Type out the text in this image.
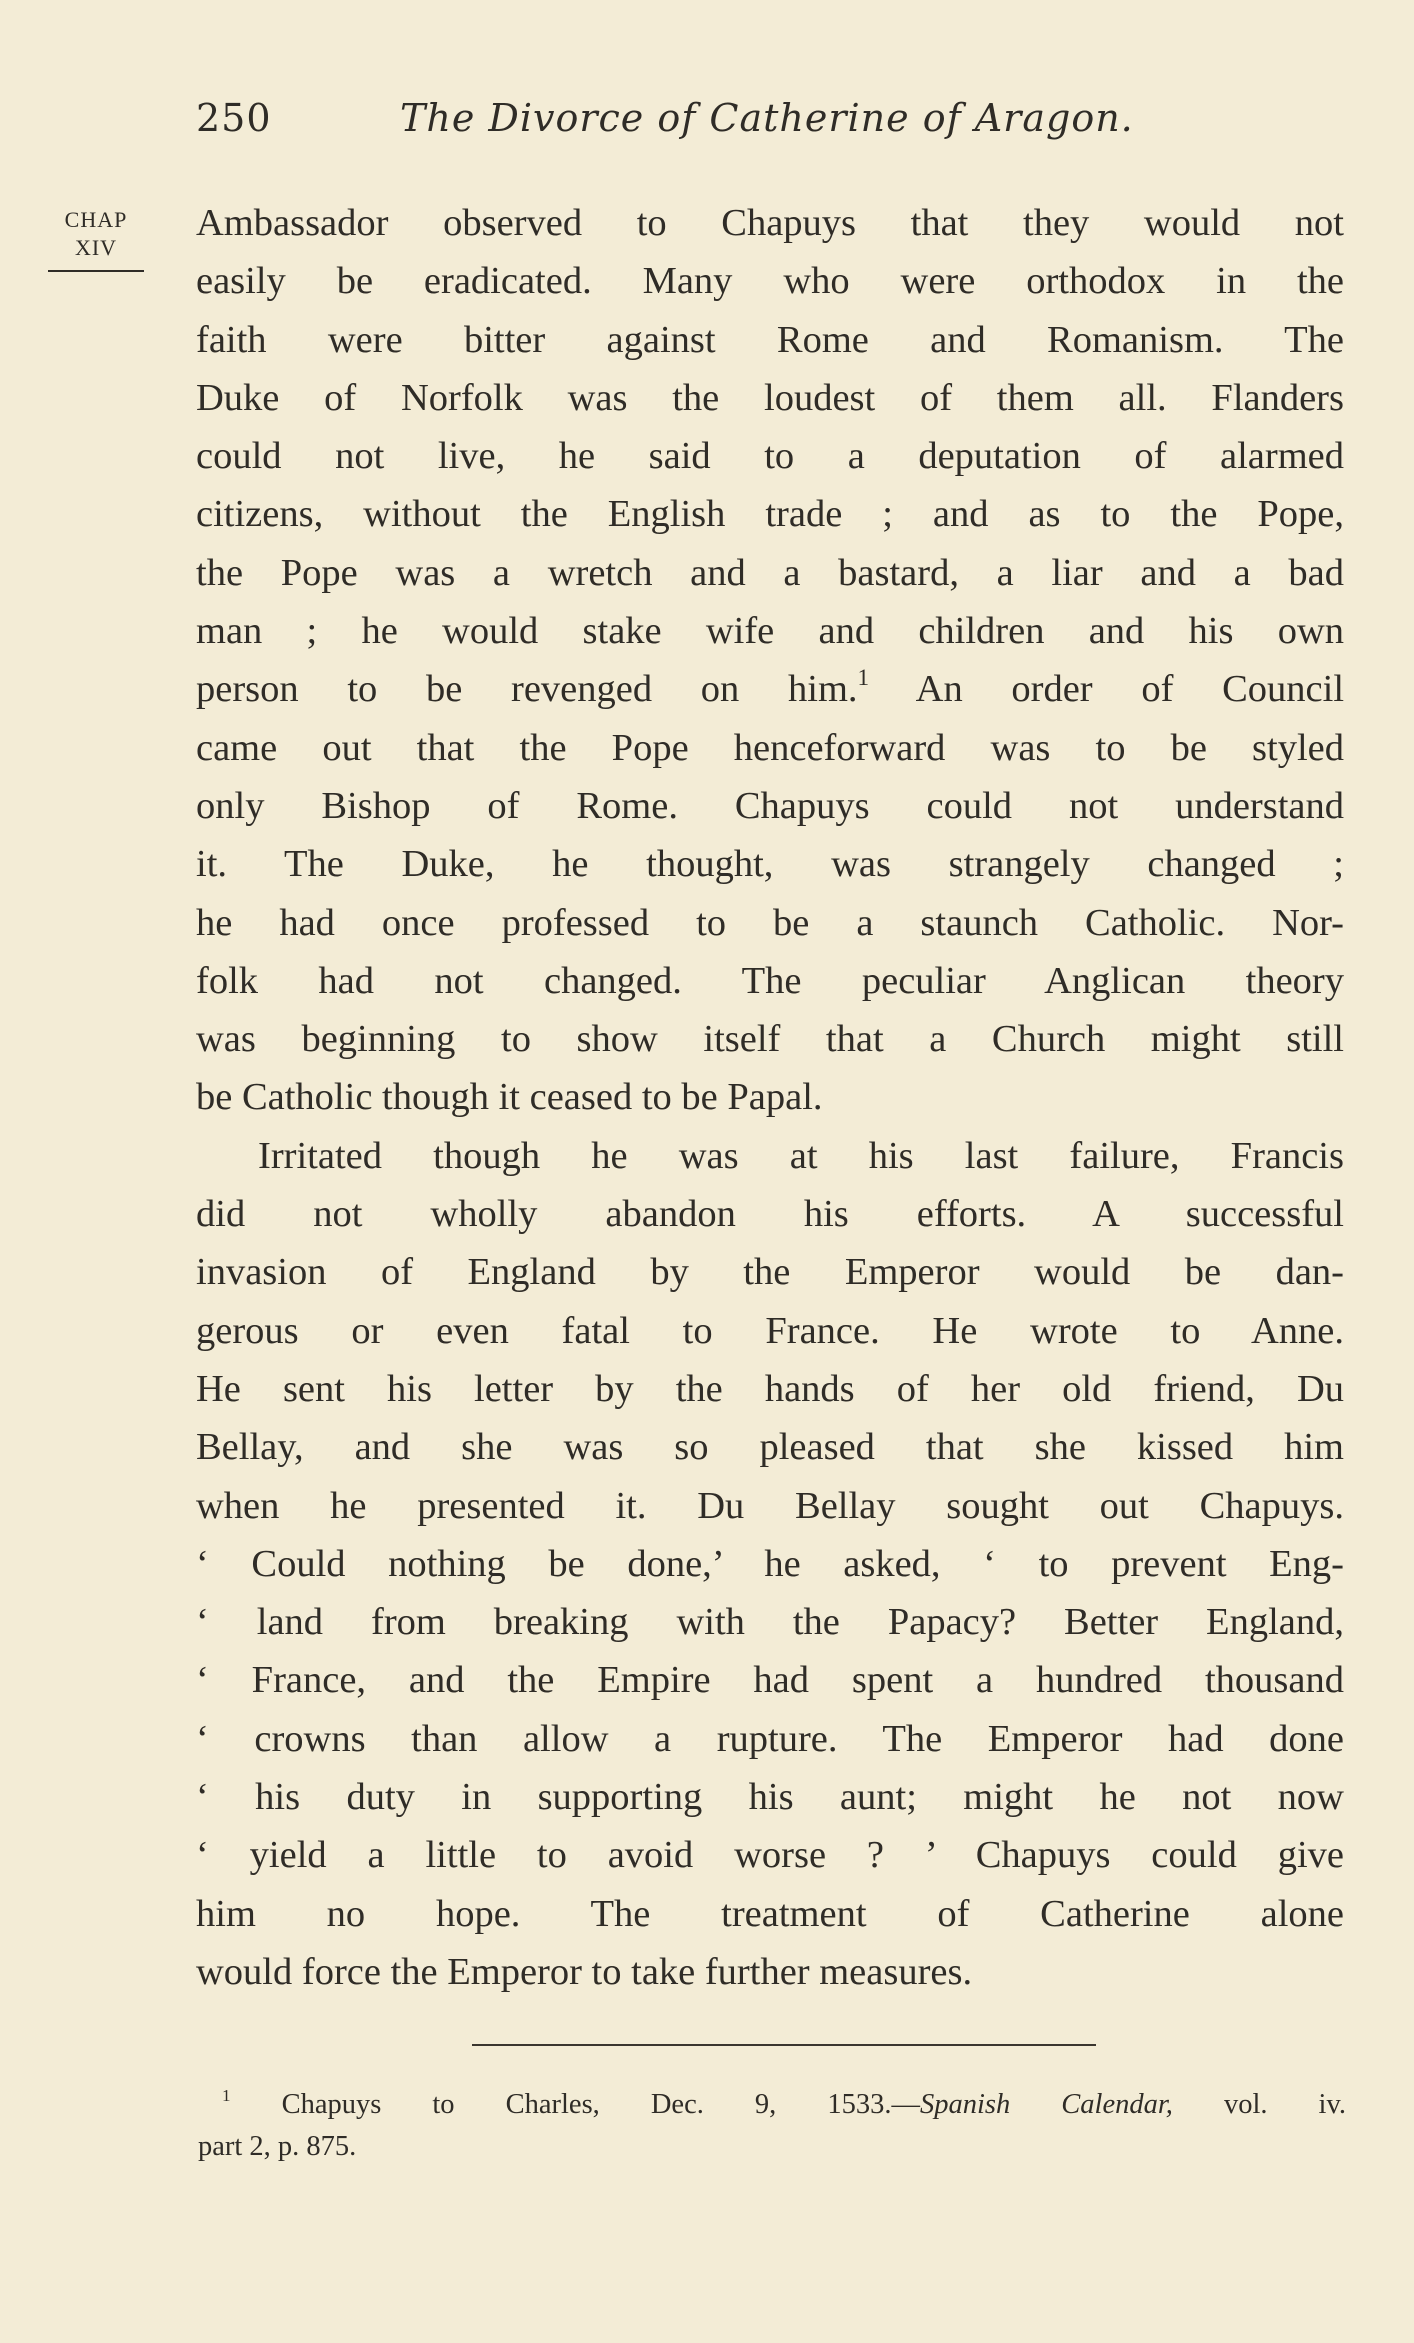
250	The Divorce of Catherine of Aragon.
CHAP
XIV
Ambassador observed to Chapuys that they would not
easily be eradicated. Many who were orthodox in the
faith were bitter against Rome and Romanism. The
Duke of Norfolk was the loudest of them all. Flanders
could not live, he said to a deputation of alarmed
citizens, without the English trade ; and as to the Pope,
the Pope was a wretch and a bastard, a liar and a bad
man ; he would stake wife and children and his own
person to be revenged on him.$^1$ An order of Council
came out that the Pope henceforward was to be styled
only Bishop of Rome. Chapuys could not understand
it. The Duke, he thought, was strangely changed ;
he had once professed to be a staunch Catholic. Nor-
folk had not changed. The peculiar Anglican theory
was beginning to show itself that a Church might still
be Catholic though it ceased to be Papal.
Irritated though he was at his last failure, Francis
did not wholly abandon his efforts. A successful
invasion of England by the Emperor would be dan-
gerous or even fatal to France. He wrote to Anne.
He sent his letter by the hands of her old friend, Du
Bellay, and she was so pleased that she kissed him
when he presented it. Du Bellay sought out Chapuys.
‘ Could nothing be done,’ he asked, ‘ to prevent Eng-
‘ land from breaking with the Papacy? Better England,
‘ France, and the Empire had spent a hundred thousand
‘ crowns than allow a rupture. The Emperor had done
‘ his duty in supporting his aunt; might he not now
‘ yield a little to avoid worse ? ’ Chapuys could give
him no hope. The treatment of Catherine alone
would force the Emperor to take further measures.
$^1$ Chapuys to Charles, Dec. 9, 1533.—Spanish Calendar, vol. iv.
part 2, p. 875.
